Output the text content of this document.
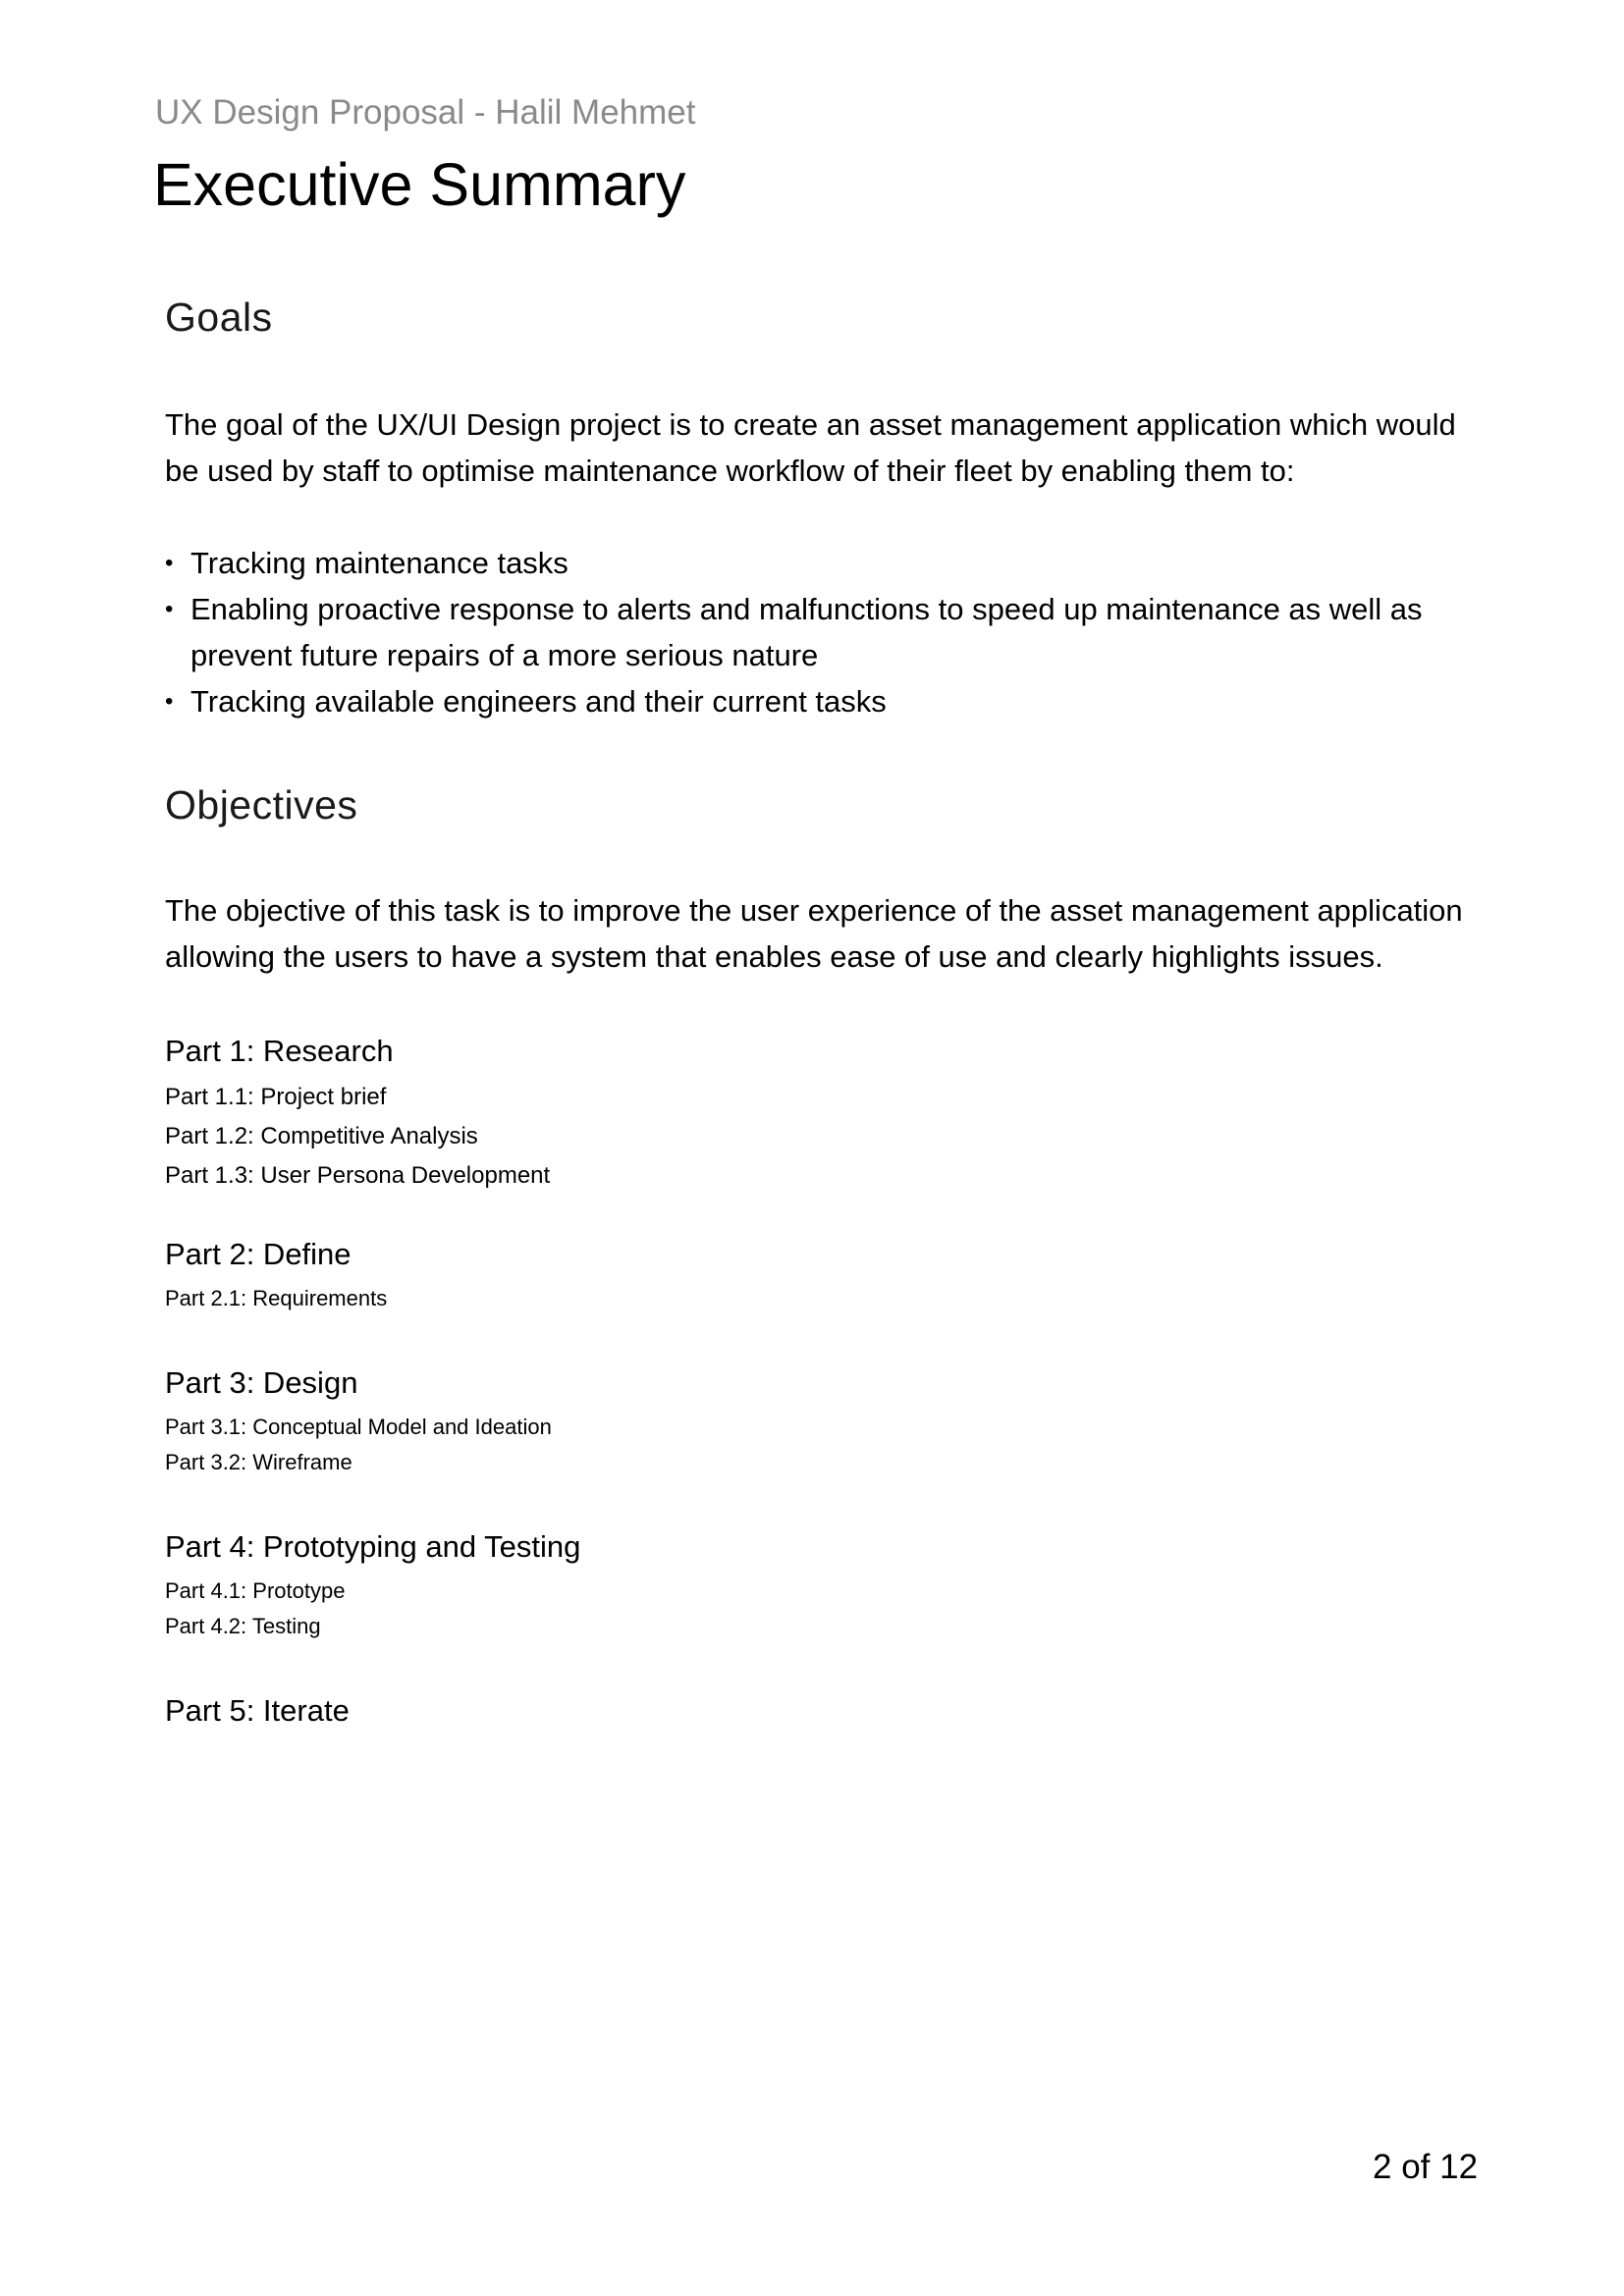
UX Design Proposal - Halil Mehmet
Executive Summary
Goals

The goal of the UX/UI Design project is to create an asset management application which would be used by staff to optimise maintenance workflow of their fleet by enabling them to:

• Tracking maintenance tasks
• Enabling proactive response to alerts and malfunctions to speed up maintenance as well as prevent future repairs of a more serious nature
• Tracking available engineers and their current tasks
Objectives

The objective of this task is to improve the user experience of the asset management application allowing the users to have a system that enables ease of use and clearly highlights issues.

Part 1: Research
Part 1.1: Project brief
Part 1.2: Competitive Analysis
Part 1.3: User Persona Development
Part 2: Define
Part 2.1: Requirements
Part 3: Design
Part 3.1: Conceptual Model and Ideation
Part 3.2: Wireframe
Part 4: Prototyping and Testing
Part 4.1: Prototype
Part 4.2: Testing
Part 5: Iterate
2 of 12
